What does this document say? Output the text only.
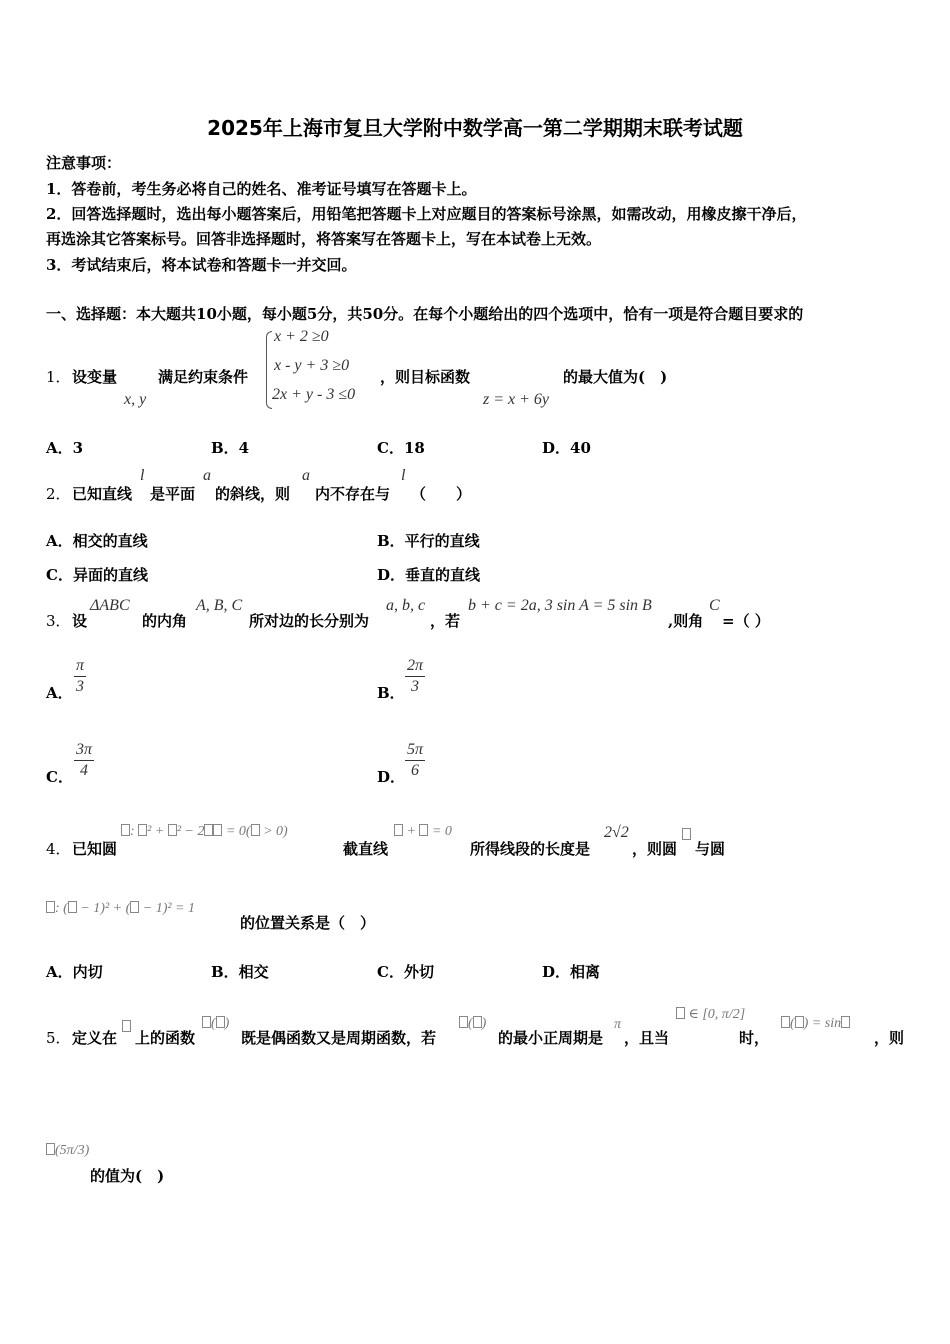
2025年上海市复旦大学附中数学高一第二学期期末联考试题
注意事项：
1．答卷前，考生务必将自己的姓名、准考证号填写在答题卡上。
2．回答选择题时，选出每小题答案后，用铅笔把答题卡上对应题目的答案标号涂黑，如需改动，用橡皮擦干净后，
再选涂其它答案标号。回答非选择题时，将答案写在答题卡上，写在本试卷上无效。
3．考试结束后，将本试卷和答题卡一并交回。
一、选择题：本大题共10小题，每小题5分，共50分。在每个小题给出的四个选项中，恰有一项是符合题目要求的
1． 设变量
x, y
满足约束条件
x + 2 ≥0
x - y + 3 ≥0
2x + y - 3 ≤0
，则目标函数
z = x + 6y
的最大值为(　)
A．3	B．4	C．18	D．40
2． 已知直线
l
是平面
a
的斜线，则
a
内不存在与
l
（　　）
A．相交的直线	B．平行的直线
C．异面的直线	D．垂直的直线
3． 设
ΔABC
的内角
A, B, C
所对边的长分别为
a, b, c
，若
b + c = 2a, 3 sin A = 5 sin B
,则角
C
=（ ）
A． $\frac{\pi}{3}$	B． $\frac{2\pi}{3}$
C． $\frac{3\pi}{4}$	D． $\frac{5\pi}{6}$
4． 已知圆
: ² + ² − 2 = 0( > 0)
截直线
+  = 0
所得线段的长度是
2√2
，则圆 与圆
: ( − 1)² + ( − 1)² = 1
的位置关系是（　）
A．内切	B．相交	C．外切	D．相离
5． 定义在 上的函数
( )
既是偶函数又是周期函数，若
( )
的最小正周期是
π
，且当
∈ [0, π/2]
时，
( ) = sin
，则
(5π/3)
的值为(　)
